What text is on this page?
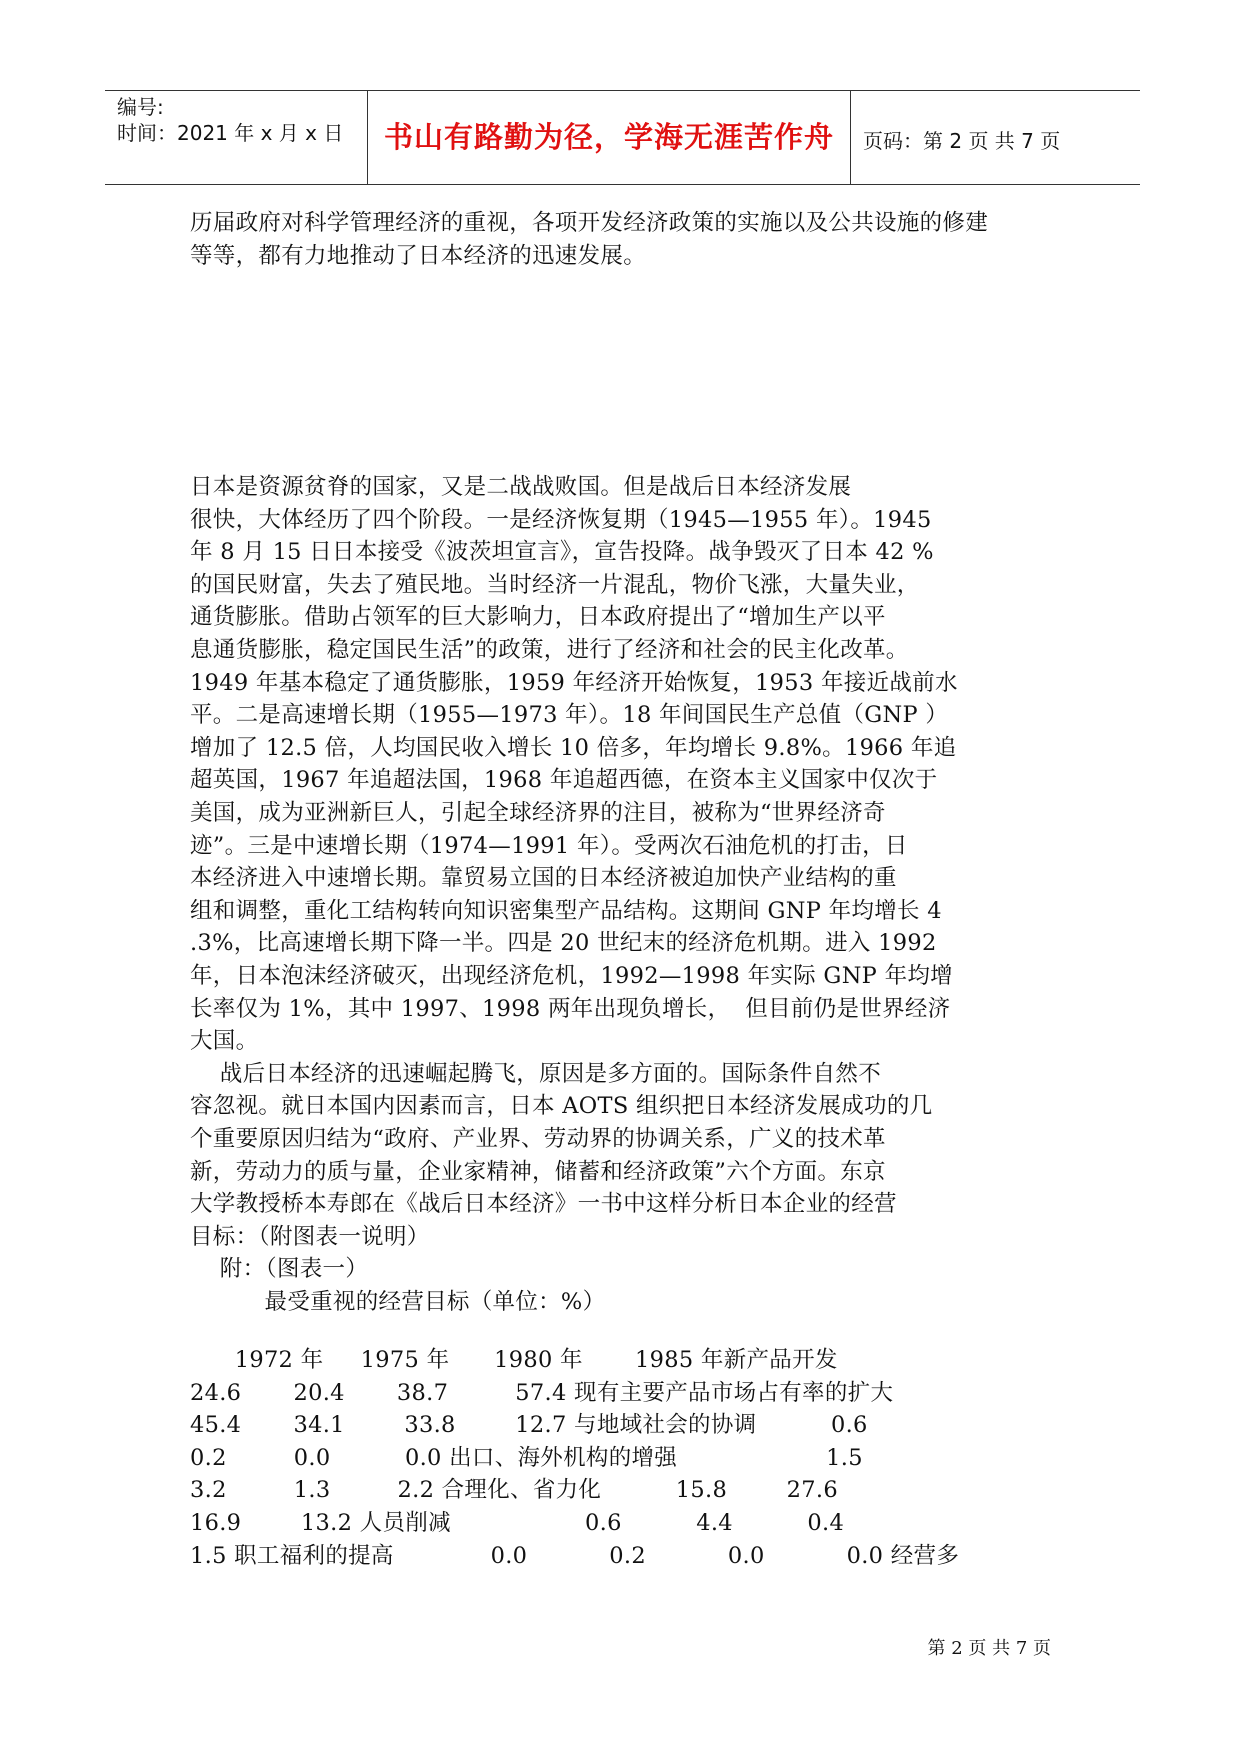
编号:
时间：2021 年 x 月 x 日	书山有路勤为径，学海无涯苦作舟	页码：第 2 页 共 7 页
历届政府对科学管理经济的重视，各项开发经济政策的实施以及公共设施的修建
等等，都有力地推动了日本经济的迅速发展。
日本是资源贫脊的国家，又是二战战败国。但是战后日本经济发展
很快，大体经历了四个阶段。一是经济恢复期（1945—1955 年）。1945
年 8 月 15 日日本接受《波茨坦宣言》，宣告投降。战争毁灭了日本 42 %
的国民财富，失去了殖民地。当时经济一片混乱，物价飞涨，大量失业，
通货膨胀。借助占领军的巨大影响力，日本政府提出了“增加生产以平
息通货膨胀，稳定国民生活”的政策，进行了经济和社会的民主化改革。
1949 年基本稳定了通货膨胀，1959 年经济开始恢复，1953 年接近战前水
平。二是高速增长期（1955—1973 年）。18 年间国民生产总值（GNP ）
增加了 12.5 倍，人均国民收入增长 10 倍多，年均增长 9.8%。1966 年追
超英国，1967 年追超法国，1968 年追超西德，在资本主义国家中仅次于
美国，成为亚洲新巨人，引起全球经济界的注目，被称为“世界经济奇
迹”。三是中速增长期（1974—1991 年）。受两次石油危机的打击，日
本经济进入中速增长期。靠贸易立国的日本经济被迫加快产业结构的重
组和调整，重化工结构转向知识密集型产品结构。这期间 GNP 年均增长 4
.3%，比高速增长期下降一半。四是 20 世纪末的经济危机期。进入 1992
年，日本泡沫经济破灭，出现经济危机，1992—1998 年实际 GNP 年均增
长率仅为 1%，其中 1997、1998 两年出现负增长，  但目前仍是世界经济
大国。
战后日本经济的迅速崛起腾飞，原因是多方面的。国际条件自然不
容忽视。就日本国内因素而言，日本 AOTS 组织把日本经济发展成功的几
个重要原因归结为“政府、产业界、劳动界的协调关系，广义的技术革
新，劳动力的质与量，企业家精神，储蓄和经济政策”六个方面。东京
大学教授桥本寿郎在《战后日本经济》一书中这样分析日本企业的经营
目标：（附图表一说明）
附：（图表一）
最受重视的经营目标（单位：%）
1972 年     1975 年      1980 年       1985 年新产品开发
24.6       20.4       38.7         57.4 现有主要产品市场占有率的扩大
45.4       34.1        33.8        12.7 与地域社会的协调          0.6
0.2         0.0          0.0 出口、海外机构的增强                    1.5
3.2         1.3         2.2 合理化、省力化          15.8        27.6
16.9        13.2 人员削减                  0.6          4.4          0.4
1.5 职工福利的提高             0.0           0.2           0.0           0.0 经营多
第 2 页 共 7 页
